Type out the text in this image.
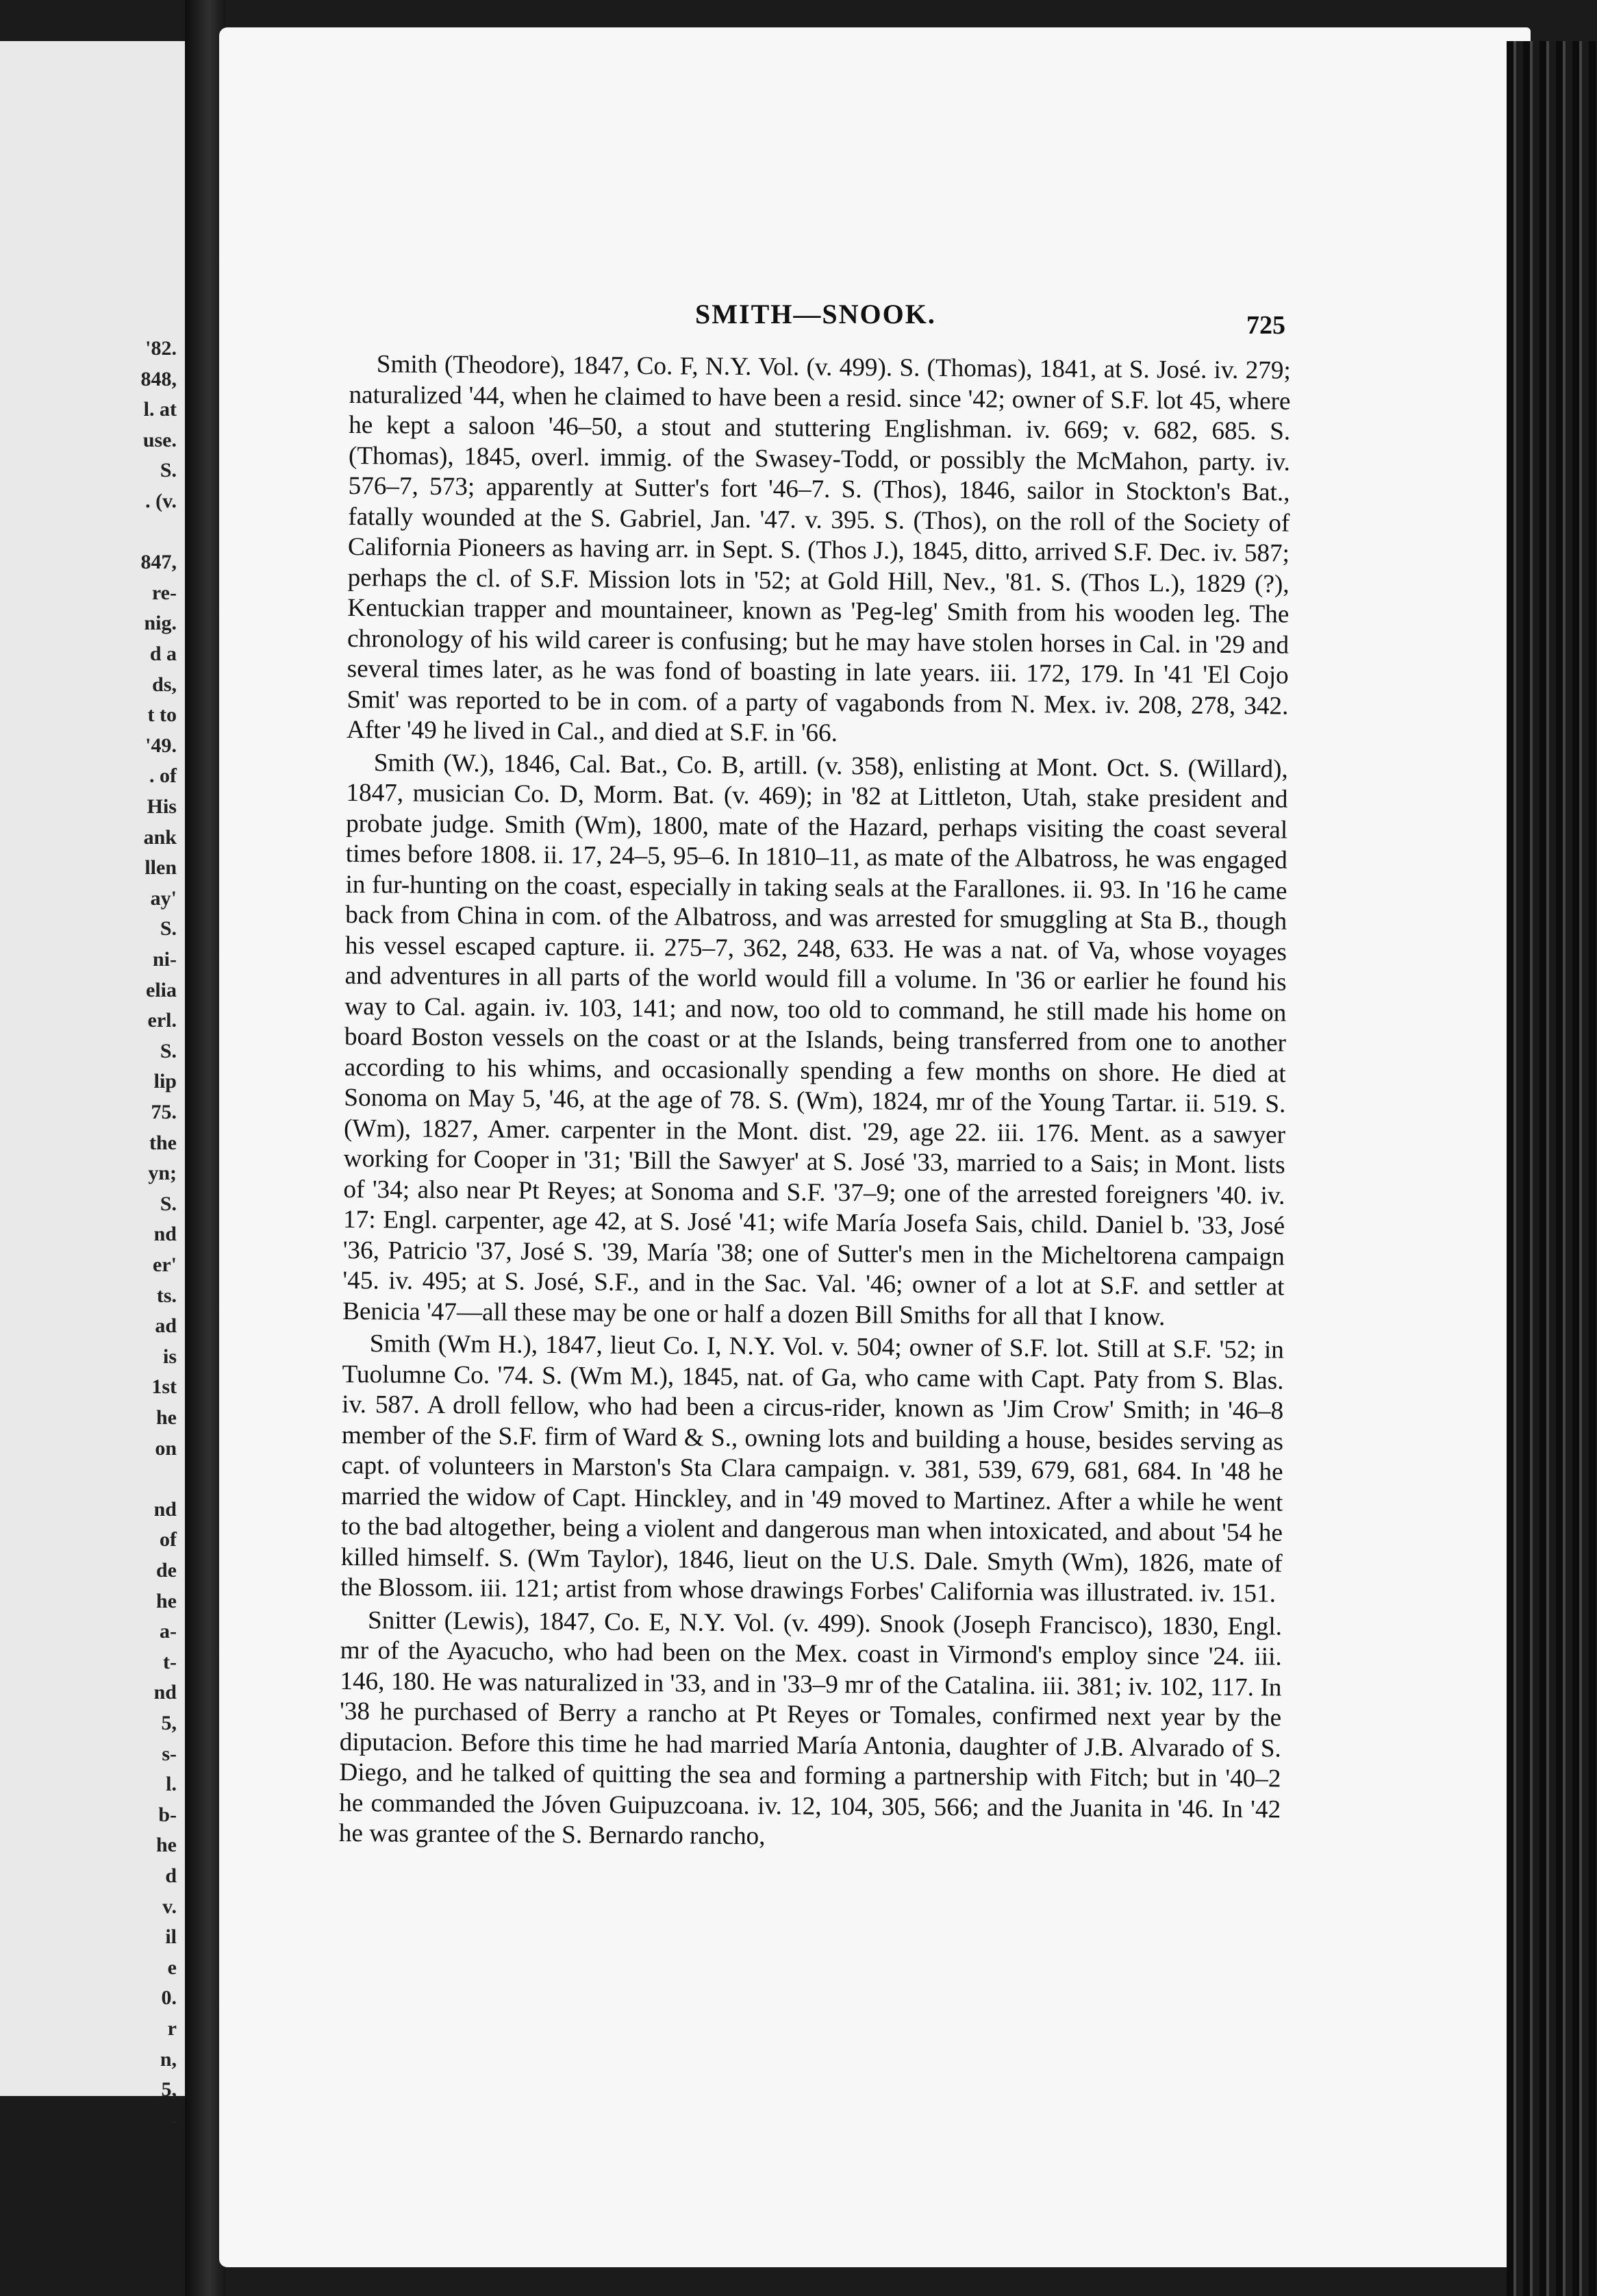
'82.
848,
l. at
use.
S.
. (v.
847,
re-
nig.
d a
ds,
t to
'49.
. of
His
ank
llen
ay'
S.
ni-
elia
erl.
S.
lip
75.
the
yn;
S.
nd
er'
ts.
ad
is
1st
he
on
nd
of
de
he
a-
t-
nd
5,
s-
l.
b-
he
d
v.
il
e
0.
r
n,
5,
-
SMITH—SNOOK.	725

Smith (Theodore), 1847, Co. F, N.Y. Vol. (v. 499). S. (Thomas), 1841, at S. José. iv. 279; naturalized '44, when he claimed to have been a resid. since '42; owner of S.F. lot 45, where he kept a saloon '46–50, a stout and stuttering Englishman. iv. 669; v. 682, 685. S. (Thomas), 1845, overl. immig. of the Swasey-Todd, or possibly the McMahon, party. iv. 576–7, 573; apparently at Sutter's fort '46–7. S. (Thos), 1846, sailor in Stockton's Bat., fatally wounded at the S. Gabriel, Jan. '47. v. 395. S. (Thos), on the roll of the Society of California Pioneers as having arr. in Sept. S. (Thos J.), 1845, ditto, arrived S.F. Dec. iv. 587; perhaps the cl. of S.F. Mission lots in '52; at Gold Hill, Nev., '81. S. (Thos L.), 1829 (?), Kentuckian trapper and mountaineer, known as 'Peg-leg' Smith from his wooden leg. The chronology of his wild career is confusing; but he may have stolen horses in Cal. in '29 and several times later, as he was fond of boasting in late years. iii. 172, 179. In '41 'El Cojo Smit' was reported to be in com. of a party of vagabonds from N. Mex. iv. 208, 278, 342. After '49 he lived in Cal., and died at S.F. in '66.

Smith (W.), 1846, Cal. Bat., Co. B, artill. (v. 358), enlisting at Mont. Oct. S. (Willard), 1847, musician Co. D, Morm. Bat. (v. 469); in '82 at Littleton, Utah, stake president and probate judge. Smith (Wm), 1800, mate of the Hazard, perhaps visiting the coast several times before 1808. ii. 17, 24–5, 95–6. In 1810–11, as mate of the Albatross, he was engaged in fur-hunting on the coast, especially in taking seals at the Farallones. ii. 93. In '16 he came back from China in com. of the Albatross, and was arrested for smuggling at Sta B., though his vessel escaped capture. ii. 275–7, 362, 248, 633. He was a nat. of Va, whose voyages and adventures in all parts of the world would fill a volume. In '36 or earlier he found his way to Cal. again. iv. 103, 141; and now, too old to command, he still made his home on board Boston vessels on the coast or at the Islands, being transferred from one to another according to his whims, and occasionally spending a few months on shore. He died at Sonoma on May 5, '46, at the age of 78. S. (Wm), 1824, mr of the Young Tartar. ii. 519. S. (Wm), 1827, Amer. carpenter in the Mont. dist. '29, age 22. iii. 176. Ment. as a sawyer working for Cooper in '31; 'Bill the Sawyer' at S. José '33, married to a Sais; in Mont. lists of '34; also near Pt Reyes; at Sonoma and S.F. '37–9; one of the arrested foreigners '40. iv. 17: Engl. carpenter, age 42, at S. José '41; wife María Josefa Sais, child. Daniel b. '33, José '36, Patricio '37, José S. '39, María '38; one of Sutter's men in the Micheltorena campaign '45. iv. 495; at S. José, S.F., and in the Sac. Val. '46; owner of a lot at S.F. and settler at Benicia '47—all these may be one or half a dozen Bill Smiths for all that I know.

Smith (Wm H.), 1847, lieut Co. I, N.Y. Vol. v. 504; owner of S.F. lot. Still at S.F. '52; in Tuolumne Co. '74. S. (Wm M.), 1845, nat. of Ga, who came with Capt. Paty from S. Blas. iv. 587. A droll fellow, who had been a circus-rider, known as 'Jim Crow' Smith; in '46–8 member of the S.F. firm of Ward & S., owning lots and building a house, besides serving as capt. of volunteers in Marston's Sta Clara campaign. v. 381, 539, 679, 681, 684. In '48 he married the widow of Capt. Hinckley, and in '49 moved to Martinez. After a while he went to the bad altogether, being a violent and dangerous man when intoxicated, and about '54 he killed himself. S. (Wm Taylor), 1846, lieut on the U.S. Dale. Smyth (Wm), 1826, mate of the Blossom. iii. 121; artist from whose drawings Forbes' California was illustrated. iv. 151.

Snitter (Lewis), 1847, Co. E, N.Y. Vol. (v. 499). Snook (Joseph Francisco), 1830, Engl. mr of the Ayacucho, who had been on the Mex. coast in Virmond's employ since '24. iii. 146, 180. He was naturalized in '33, and in '33–9 mr of the Catalina. iii. 381; iv. 102, 117. In '38 he purchased of Berry a rancho at Pt Reyes or Tomales, confirmed next year by the diputacion. Before this time he had married María Antonia, daughter of J.B. Alvarado of S. Diego, and he talked of quitting the sea and forming a partnership with Fitch; but in '40–2 he commanded the Jóven Guipuzcoana. iv. 12, 104, 305, 566; and the Juanita in '46. In '42 he was grantee of the S. Bernardo rancho,
